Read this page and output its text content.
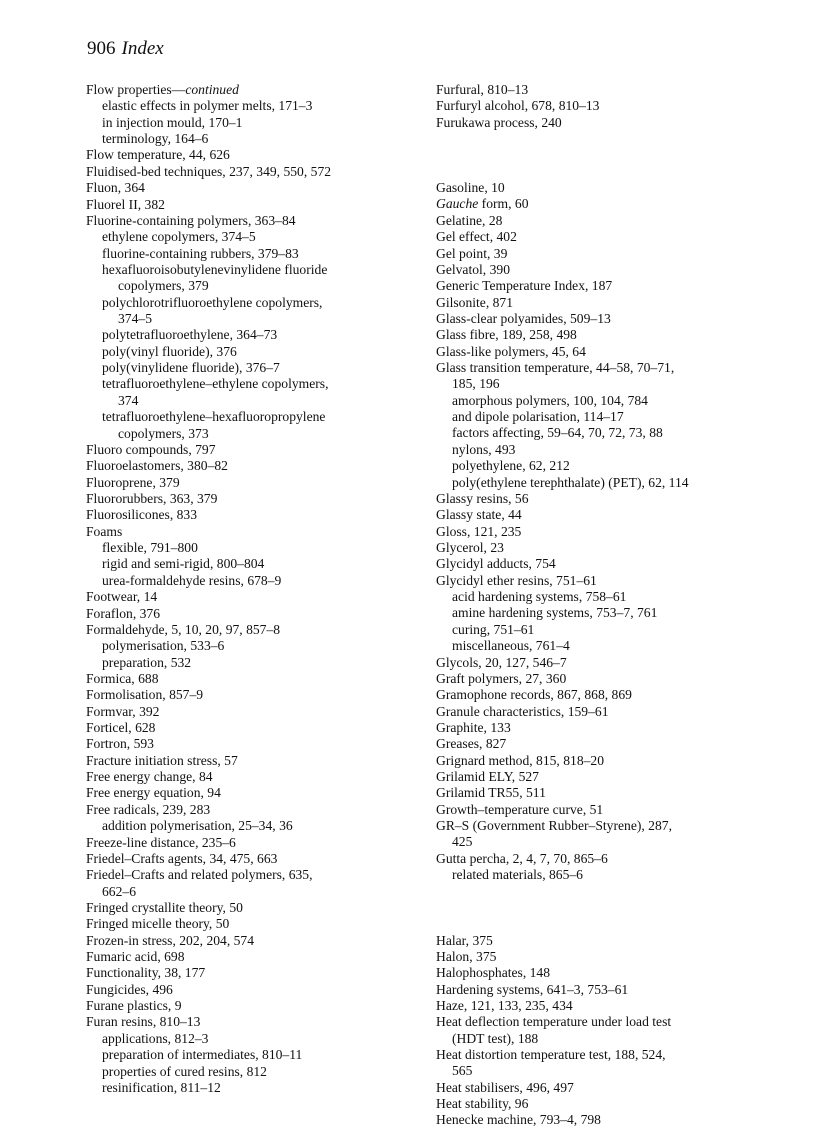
906 Index
Flow properties—continued
elastic effects in polymer melts, 171–3
in injection mould, 170–1
terminology, 164–6
Flow temperature, 44, 626
Fluidised-bed techniques, 237, 349, 550, 572
Fluon, 364
Fluorel II, 382
Fluorine-containing polymers, 363–84
ethylene copolymers, 374–5
fluorine-containing rubbers, 379–83
hexafluoroisobutylenevinylidene fluoride
copolymers, 379
polychlorotrifluoroethylene copolymers,
374–5
polytetrafluoroethylene, 364–73
poly(vinyl fluoride), 376
poly(vinylidene fluoride), 376–7
tetrafluoroethylene–ethylene copolymers,
374
tetrafluoroethylene–hexafluoropropylene
copolymers, 373
Fluoro compounds, 797
Fluoroelastomers, 380–82
Fluoroprene, 379
Fluororubbers, 363, 379
Fluorosilicones, 833
Foams
flexible, 791–800
rigid and semi-rigid, 800–804
urea-formaldehyde resins, 678–9
Footwear, 14
Foraflon, 376
Formaldehyde, 5, 10, 20, 97, 857–8
polymerisation, 533–6
preparation, 532
Formica, 688
Formolisation, 857–9
Formvar, 392
Forticel, 628
Fortron, 593
Fracture initiation stress, 57
Free energy change, 84
Free energy equation, 94
Free radicals, 239, 283
addition polymerisation, 25–34, 36
Freeze-line distance, 235–6
Friedel–Crafts agents, 34, 475, 663
Friedel–Crafts and related polymers, 635,
662–6
Fringed crystallite theory, 50
Fringed micelle theory, 50
Frozen-in stress, 202, 204, 574
Fumaric acid, 698
Functionality, 38, 177
Fungicides, 496
Furane plastics, 9
Furan resins, 810–13
applications, 812–3
preparation of intermediates, 810–11
properties of cured resins, 812
resinification, 811–12
Furfural, 810–13
Furfuryl alcohol, 678, 810–13
Furukawa process, 240
Gasoline, 10
Gauche form, 60
Gelatine, 28
Gel effect, 402
Gel point, 39
Gelvatol, 390
Generic Temperature Index, 187
Gilsonite, 871
Glass-clear polyamides, 509–13
Glass fibre, 189, 258, 498
Glass-like polymers, 45, 64
Glass transition temperature, 44–58, 70–71,
185, 196
amorphous polymers, 100, 104, 784
and dipole polarisation, 114–17
factors affecting, 59–64, 70, 72, 73, 88
nylons, 493
polyethylene, 62, 212
poly(ethylene terephthalate) (PET), 62, 114
Glassy resins, 56
Glassy state, 44
Gloss, 121, 235
Glycerol, 23
Glycidyl adducts, 754
Glycidyl ether resins, 751–61
acid hardening systems, 758–61
amine hardening systems, 753–7, 761
curing, 751–61
miscellaneous, 761–4
Glycols, 20, 127, 546–7
Graft polymers, 27, 360
Gramophone records, 867, 868, 869
Granule characteristics, 159–61
Graphite, 133
Greases, 827
Grignard method, 815, 818–20
Grilamid ELY, 527
Grilamid TR55, 511
Growth–temperature curve, 51
GR–S (Government Rubber–Styrene), 287,
425
Gutta percha, 2, 4, 7, 70, 865–6
related materials, 865–6
Halar, 375
Halon, 375
Halophosphates, 148
Hardening systems, 641–3, 753–61
Haze, 121, 133, 235, 434
Heat deflection temperature under load test
(HDT test), 188
Heat distortion temperature test, 188, 524,
565
Heat stabilisers, 496, 497
Heat stability, 96
Henecke machine, 793–4, 798
